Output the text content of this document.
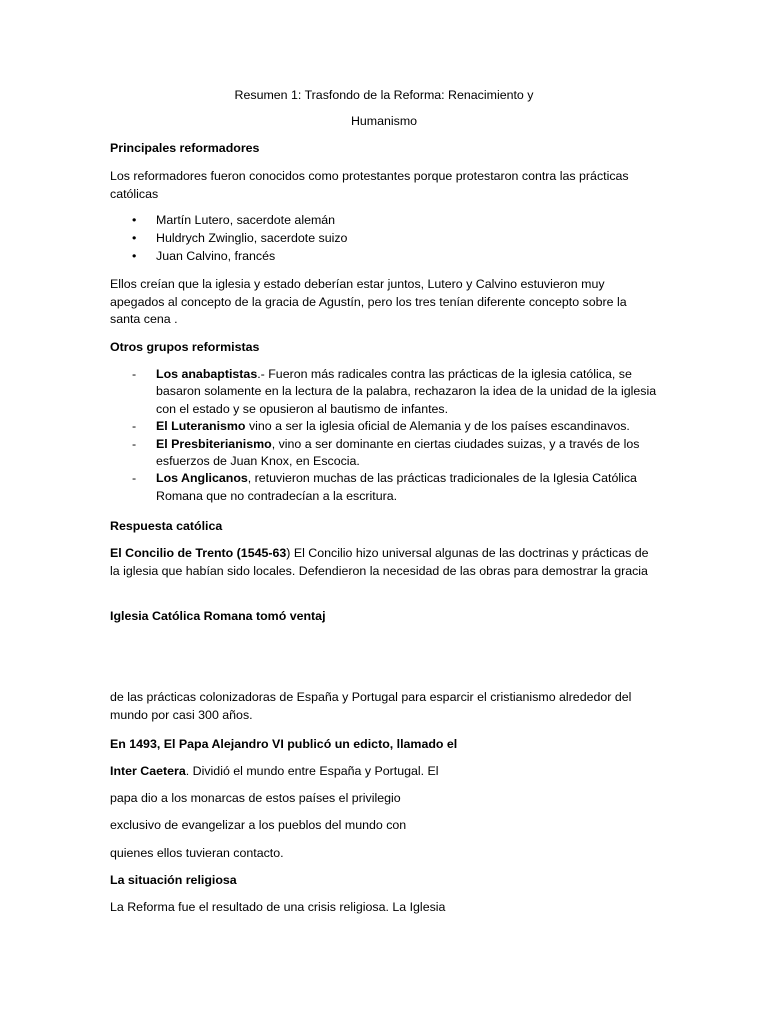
Resumen 1: Trasfondo de la Reforma: Renacimiento y

Humanismo

Principales reformadores

Los reformadores fueron conocidos como protestantes porque protestaron contra las prácticas católicas

• Martín Lutero, sacerdote alemán
• Huldrych Zwinglio, sacerdote suizo
• Juan Calvino, francés

Ellos creían que la iglesia y estado deberían estar juntos, Lutero y Calvino estuvieron muy apegados al concepto de la gracia de Agustín, pero los tres tenían diferente concepto sobre la santa cena .

Otros grupos reformistas

- Los anabaptistas.- Fueron más radicales contra las prácticas de la iglesia católica, se basaron solamente en la lectura de la palabra, rechazaron la idea de la unidad de la iglesia con el estado y se opusieron al bautismo de infantes.
- El Luteranismo vino a ser la iglesia oficial de Alemania y de los países escandinavos.
- El Presbiterianismo, vino a ser dominante en ciertas ciudades suizas, y a través de los esfuerzos de Juan Knox, en Escocia.
- Los Anglicanos, retuvieron muchas de las prácticas tradicionales de la Iglesia Católica Romana que no contradecían a la escritura.

Respuesta católica

El Concilio de Trento (1545-63) El Concilio hizo universal algunas de las doctrinas y prácticas de la iglesia que habían sido locales. Defendieron la necesidad de las obras para demostrar la gracia

Iglesia Católica Romana tomó ventaj

de las prácticas colonizadoras de España y Portugal para esparcir el cristianismo alrededor del mundo por casi 300 años.

En 1493, El Papa Alejandro VI publicó un edicto, llamado el

Inter Caetera. Dividió el mundo entre España y Portugal. El

papa dio a los monarcas de estos países el privilegio

exclusivo de evangelizar a los pueblos del mundo con

quienes ellos tuvieran contacto.

La situación religiosa

La Reforma fue el resultado de una crisis religiosa. La Iglesia
